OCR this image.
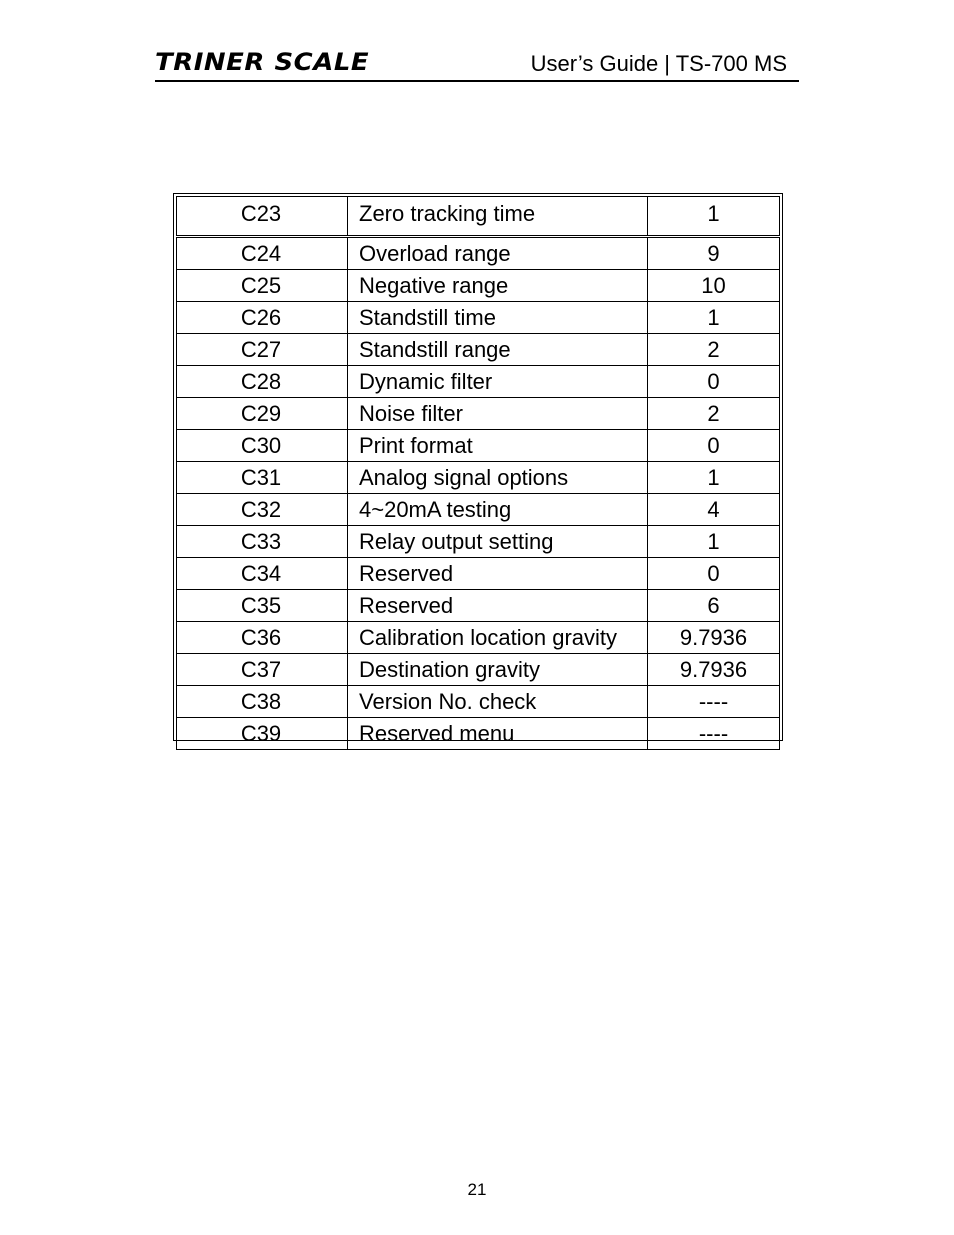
TRINER SCALE	User’s Guide | TS-700 MS
C23	Zero tracking time	1
C24	Overload range	9
C25	Negative range	10
C26	Standstill time	1
C27	Standstill range	2
C28	Dynamic filter	0
C29	Noise filter	2
C30	Print format	0
C31	Analog signal options	1
C32	4~20mA testing	4
C33	Relay output setting	1
C34	Reserved	0
C35	Reserved	6
C36	Calibration location gravity	9.7936
C37	Destination gravity	9.7936
C38	Version No. check	----
C39	Reserved menu	----
21
